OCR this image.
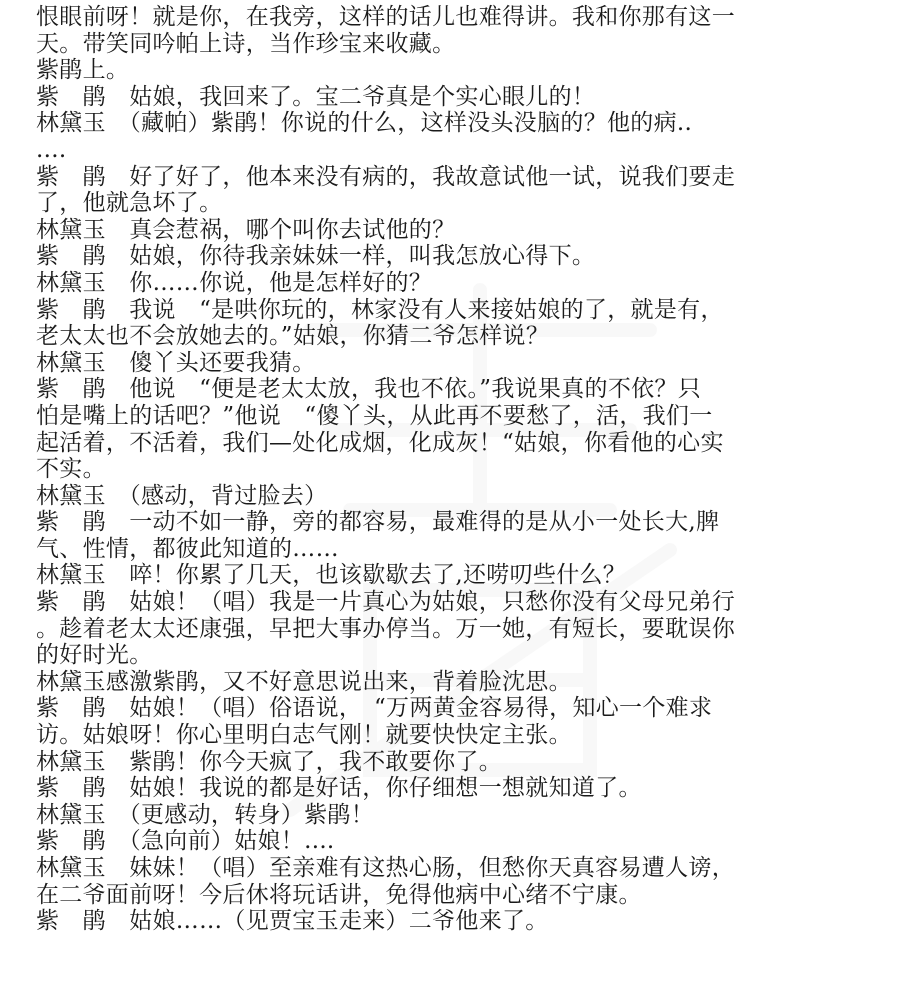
恨眼前呀！就是你，在我旁，这样的话儿也难得讲。我和你那有这一
天。带笑同吟帕上诗，当作珍宝来收藏。
紫鹃上。
紫　鹃　姑娘，我回来了。宝二爷真是个实心眼儿的！
林黛玉　（藏帕）紫鹃！你说的什么，这样没头没脑的？他的病..
....
紫　鹃　好了好了，他本来没有病的，我故意试他一试，说我们要走
了，他就急坏了。
林黛玉　真会惹祸，哪个叫你去试他的？
紫　鹃　姑娘，你待我亲妹妹一样，叫我怎放心得下。
林黛玉　你……你说，他是怎样好的？
紫　鹃　我说　“是哄你玩的，林家没有人来接姑娘的了，就是有，
老太太也不会放她去的。”姑娘，你猜二爷怎样说？
林黛玉　傻丫头还要我猜。
紫　鹃　他说　“便是老太太放，我也不依。”我说果真的不依？只
怕是嘴上的话吧？”他说　“傻丫头，从此再不要愁了，活，我们一
起活着，不活着，我们—处化成烟，化成灰！“姑娘，你看他的心实
不实。
林黛玉　（感动，背过脸去）
紫　鹃　一动不如一静，旁的都容易，最难得的是从小一处长大,脾
气、性情，都彼此知道的……
林黛玉　啐！你累了几天，也该歇歇去了,还唠叨些什么？
紫　鹃　姑娘！（唱）我是一片真心为姑娘，只愁你没有父母兄弟行
。趁着老太太还康强，早把大事办停当。万一她，有短长，要耽误你
的好时光。
林黛玉感激紫鹃，又不好意思说出来，背着脸沈思。
紫　鹃　姑娘！（唱）俗语说，　“万两黄金容易得，知心一个难求
访。姑娘呀！你心里明白志气刚！就要快快定主张。
林黛玉　紫鹃！你今天疯了，我不敢要你了。
紫　鹃　姑娘！我说的都是好话，你仔细想一想就知道了。
林黛玉　（更感动，转身）紫鹃！
紫　鹃　（急向前）姑娘！....
林黛玉　妹妹！（唱）至亲难有这热心肠，但愁你天真容易遭人谤，
在二爷面前呀！今后休将玩话讲，免得他病中心绪不宁康。
紫　鹃　姑娘……（见贾宝玉走来）二爷他来了。
